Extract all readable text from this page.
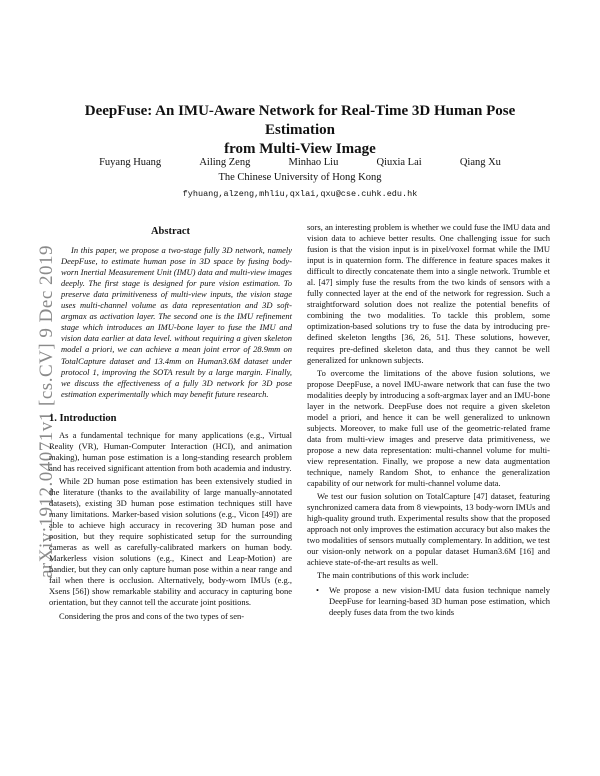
arXiv:1912.04071v1 [cs.CV] 9 Dec 2019
DeepFuse: An IMU-Aware Network for Real-Time 3D Human Pose Estimation
from Multi-View Image
Fuyang Huang	Ailing Zeng	Minhao Liu	Qiuxia Lai	Qiang Xu
The Chinese University of Hong Kong
fyhuang,alzeng,mhliu,qxlai,qxu@cse.cuhk.edu.hk
Abstract

In this paper, we propose a two-stage fully 3D network, namely DeepFuse, to estimate human pose in 3D space by fusing body-worn Inertial Measurement Unit (IMU) data and multi-view images deeply. The first stage is designed for pure vision estimation. To preserve data primitiveness of multi-view inputs, the vision stage uses multi-channel volume as data representation and 3D soft-argmax as activation layer. The second one is the IMU refinement stage which introduces an IMU-bone layer to fuse the IMU and vision data earlier at data level. without requiring a given skeleton model a priori, we can achieve a mean joint error of 28.9mm on TotalCapture dataset and 13.4mm on Human3.6M dataset under protocol 1, improving the SOTA result by a large margin. Finally, we discuss the effectiveness of a fully 3D network for 3D pose estimation experimentally which may benefit future research.

1. Introduction

As a fundamental technique for many applications (e.g., Virtual Reality (VR), Human-Computer Interaction (HCI), and animation making), human pose estimation is a long-standing research problem and has received significant attention from both academia and industry.

While 2D human pose estimation has been extensively studied in the literature (thanks to the availability of large manually-annotated datasets), existing 3D human pose estimation techniques still have many limitations. Marker-based vision solutions (e.g., Vicon [49]) are able to achieve high accuracy in recovering 3D human pose and position, but they require sophisticated setup for the surrounding cameras as well as carefully-calibrated markers on human body. Markerless vision solutions (e.g., Kinect and Leap-Motion) are handier, but they can only capture human pose within a near range and fail when there is occlusion. Alternatively, body-worn IMUs (e.g., Xsens [56]) show remarkable stability and accuracy in capturing bone orientation, but they cannot tell the accurate joint positions.

Considering the pros and cons of the two types of sen-

sors, an interesting problem is whether we could fuse the IMU data and vision data to achieve better results. One challenging issue for such fusion is that the vision input is in pixel/voxel format while the IMU input is in quaternion form. The difference in feature spaces makes it difficult to directly concatenate them into a single network. Trumble et al. [47] simply fuse the results from the two kinds of sensors with a fully connected layer at the end of the network for regression. Such a straightforward solution does not realize the potential benefits of combining the two modalities. To tackle this problem, some optimization-based solutions try to fuse the data by introducing pre-defined skeleton lengths [36, 26, 51]. These solutions, however, requires pre-defined skeleton data, and thus they cannot be well generalized for unknown subjects.

To overcome the limitations of the above fusion solutions, we propose DeepFuse, a novel IMU-aware network that can fuse the two modalities deeply by introducing a soft-argmax layer and an IMU-bone layer in the network. DeepFuse does not require a given skeleton model a priori, and hence it can be well generalized to unknown subjects. Moreover, to make full use of the geometric-related frame data from multi-view images and preserve data primitiveness, we propose a new data representation: multi-channel volume for multi-view representation. Finally, we propose a new data augmentation technique, namely Random Shot, to enhance the generalization capability of our network for multi-channel volume data.

We test our fusion solution on TotalCapture [47] dataset, featuring synchronized camera data from 8 viewpoints, 13 body-worn IMUs and high-quality ground truth. Experimental results show that the proposed approach not only improves the estimation accuracy but also makes the two modalities of sensors mutually complementary. In addition, we test our vision-only network on a popular dataset Human3.6M [16] and achieve state-of-the-art results as well.

The main contributions of this work include:

• We propose a new vision-IMU data fusion technique namely DeepFuse for learning-based 3D human pose estimation, which deeply fuses data from the two kinds
